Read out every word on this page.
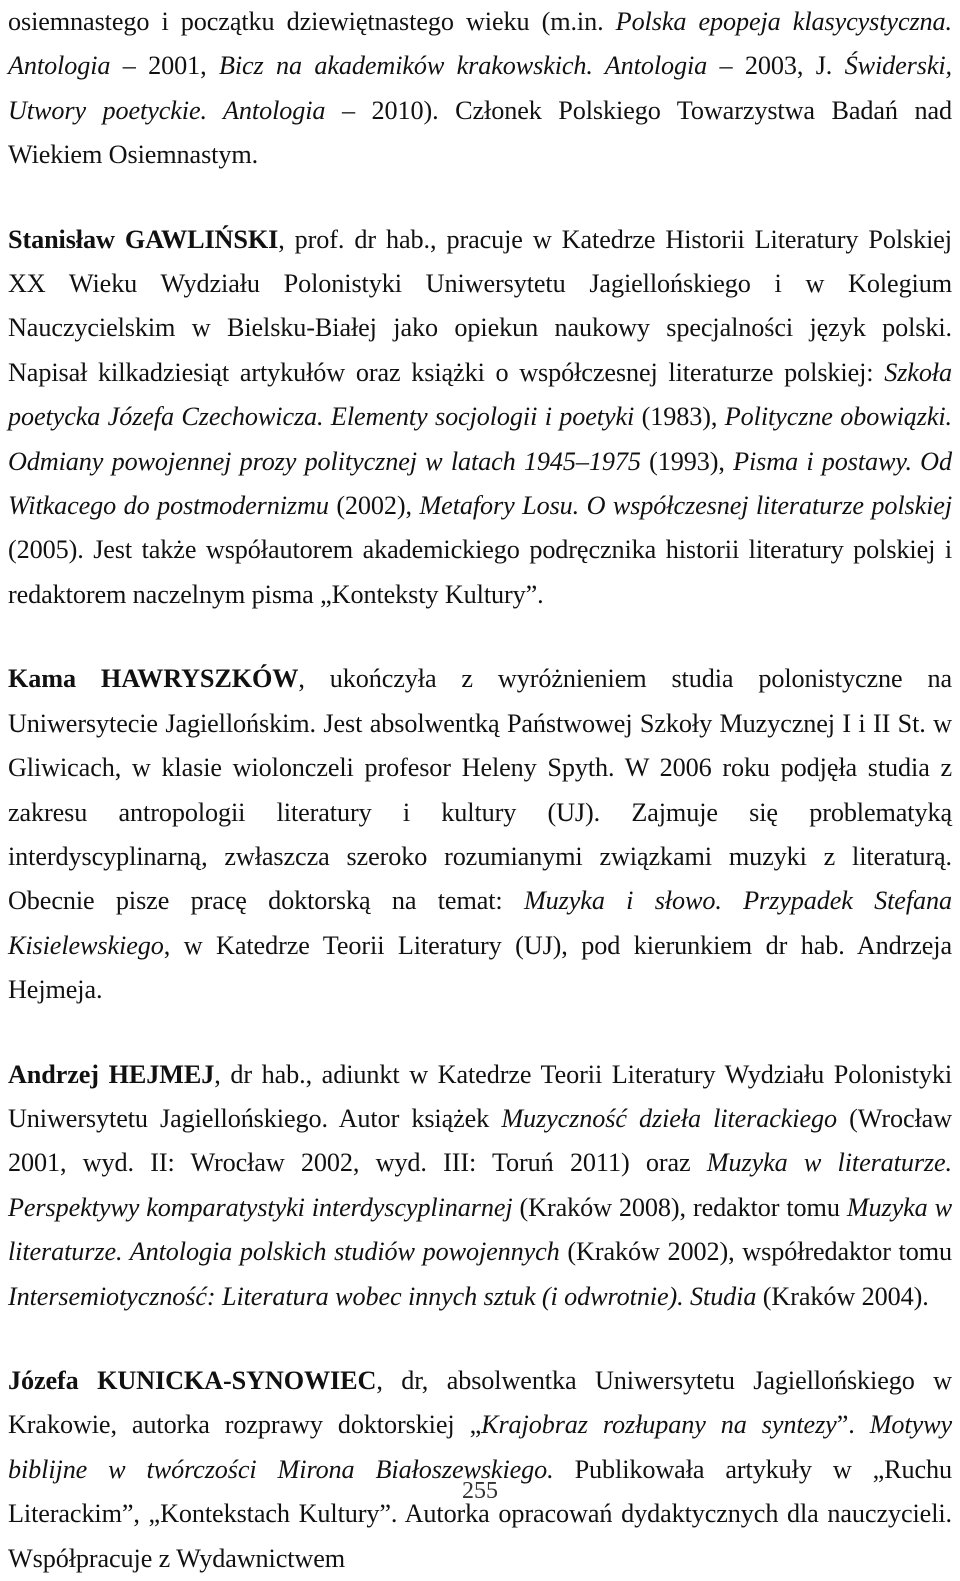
osiemnastego i początku dziewiętnastego wieku (m.in. Polska epopeja klasycystyczna. Antologia – 2001, Bicz na akademików krakowskich. Antologia – 2003, J. Świderski, Utwory poetyckie. Antologia – 2010). Członek Polskiego Towarzystwa Badań nad Wiekiem Osiemnastym.

Stanisław GAWLIŃSKI, prof. dr hab., pracuje w Katedrze Historii Literatury Polskiej XX Wieku Wydziału Polonistyki Uniwersytetu Jagiellońskiego i w Kolegium Nauczycielskim w Bielsku-Białej jako opiekun naukowy specjalności język polski. Napisał kilkadziesiąt artykułów oraz książki o współczesnej literaturze polskiej: Szkoła poetycka Józefa Czechowicza. Elementy socjologii i poetyki (1983), Polityczne obowiązki. Odmiany powojennej prozy politycznej w latach 1945–1975 (1993), Pisma i postawy. Od Witkacego do postmodernizmu (2002), Metafory Losu. O współczesnej literaturze polskiej (2005). Jest także współautorem akademickiego podręcznika historii literatury polskiej i redaktorem naczelnym pisma „Konteksty Kultury”.

Kama HAWRYSZKÓW, ukończyła z wyróżnieniem studia polonistyczne na Uniwersytecie Jagiellońskim. Jest absolwentką Państwowej Szkoły Muzycznej I i II St. w Gliwicach, w klasie wiolonczeli profesor Heleny Spyth. W 2006 roku podjęła studia z zakresu antropologii literatury i kultury (UJ). Zajmuje się problematyką interdyscyplinarną, zwłaszcza szeroko rozumianymi związkami muzyki z literaturą. Obecnie pisze pracę doktorską na temat: Muzyka i słowo. Przypadek Stefana Kisielewskiego, w Katedrze Teorii Literatury (UJ), pod kierunkiem dr hab. Andrzeja Hejmeja.

Andrzej HEJMEJ, dr hab., adiunkt w Katedrze Teorii Literatury Wydziału Polonistyki Uniwersytetu Jagiellońskiego. Autor książek Muzyczność dzieła literackiego (Wrocław 2001, wyd. II: Wrocław 2002, wyd. III: Toruń 2011) oraz Muzyka w literaturze. Perspektywy komparatystyki interdyscyplinarnej (Kraków 2008), redaktor tomu Muzyka w literaturze. Antologia polskich studiów powojennych (Kraków 2002), współredaktor tomu Intersemiotyczność: Literatura wobec innych sztuk (i odwrotnie). Studia (Kraków 2004).

Józefa KUNICKA-SYNOWIEC, dr, absolwentka Uniwersytetu Jagiellońskiego w Krakowie, autorka rozprawy doktorskiej „Krajobraz rozłupany na syntezy”. Motywy biblijne w twórczości Mirona Białoszewskiego. Publikowała artykuły w „Ruchu Literackim”, „Kontekstach Kultury”. Autorka opracowań dydaktycznych dla nauczycieli. Współpracuje z Wydawnictwem

255
